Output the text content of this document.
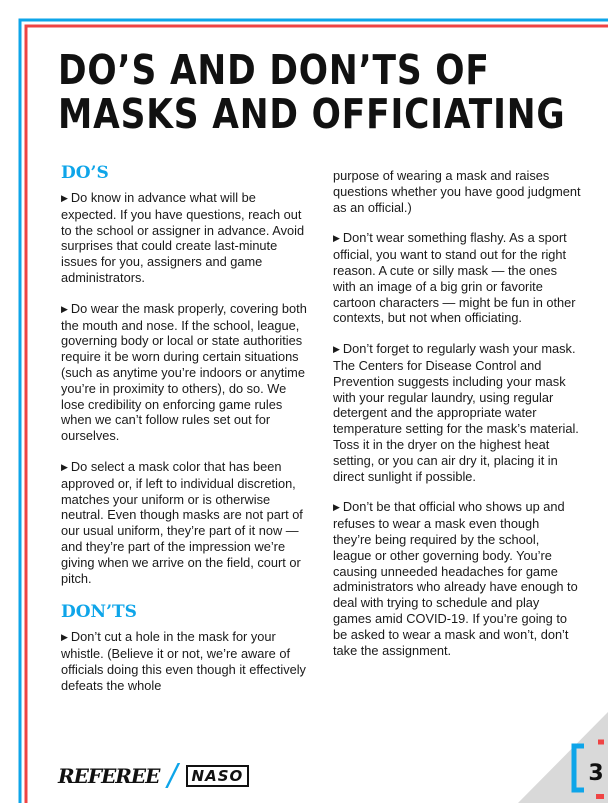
DO’S AND DON’TS OF
MASKS AND OFFICIATING
DO’S

▶ Do know in advance what will be expected. If you have questions, reach out to the school or assigner in advance. Avoid surprises that could create last-minute issues for you, assigners and game administrators.

▶ Do wear the mask properly, covering both the mouth and nose. If the school, league, governing body or local or state authorities require it be worn during certain situations (such as anytime you’re indoors or anytime you’re in proximity to others), do so. We lose credibility on enforcing game rules when we can’t follow rules set out for ourselves.

▶ Do select a mask color that has been approved or, if left to individual discretion, matches your uniform or is otherwise neutral. Even though masks are not part of our usual uniform, they’re part of it now — and they’re part of the impression we’re giving when we arrive on the field, court or pitch.

DON’TS

▶ Don’t cut a hole in the mask for your whistle. (Believe it or not, we’re aware of officials doing this even though it effectively defeats the whole

purpose of wearing a mask and raises questions whether you have good judgment as an official.)

▶ Don’t wear something flashy. As a sport official, you want to stand out for the right reason. A cute or silly mask — the ones with an image of a big grin or favorite cartoon characters — might be fun in other contexts, but not when officiating.

▶ Don’t forget to regularly wash your mask. The Centers for Disease Control and Prevention suggests including your mask with your regular laundry, using regular detergent and the appropriate water temperature setting for the mask’s material. Toss it in the dryer on the highest heat setting, or you can air dry it, placing it in direct sunlight if possible.

▶ Don’t be that official who shows up and refuses to wear a mask even though they’re being required by the school, league or other governing body. You’re causing unneeded headaches for game administrators who already have enough to deal with trying to schedule and play games amid COVID-19. If you’re going to be asked to wear a mask and won’t, don’t take the assignment.

REFEREE / NASO	3
